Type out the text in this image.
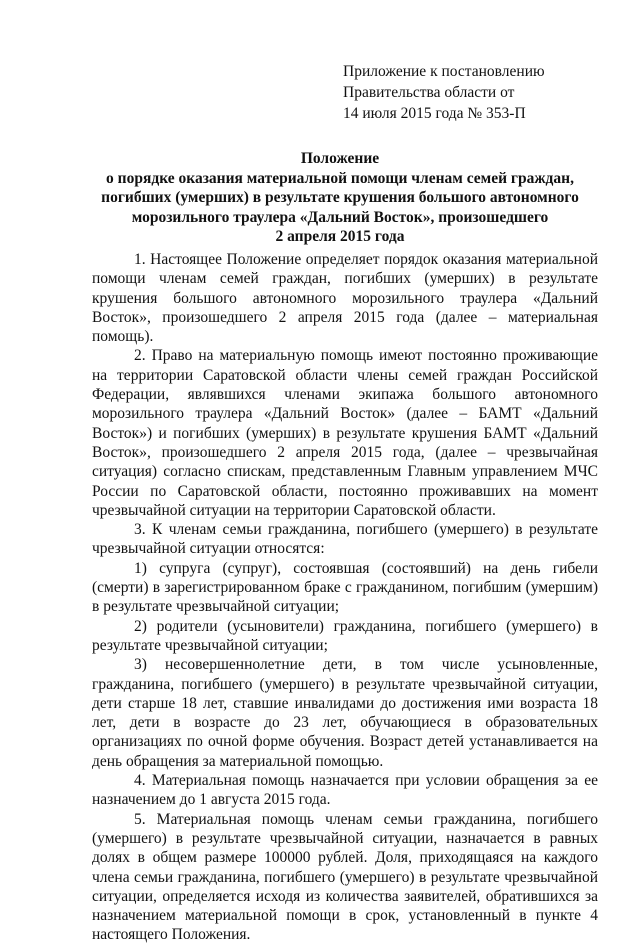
Приложение к постановлению
Правительства области от
14 июля 2015 года № 353-П
Положение
о порядке оказания материальной помощи членам семей граждан,
погибших (умерших) в результате крушения большого автономного
морозильного траулера «Дальний Восток», произошедшего
2 апреля 2015 года

1. Настоящее Положение определяет порядок оказания материальной помощи членам семей граждан, погибших (умерших) в результате крушения большого автономного морозильного траулера «Дальний Восток», произошедшего 2 апреля 2015 года (далее – материальная помощь).

2. Право на материальную помощь имеют постоянно проживающие на территории Саратовской области члены семей граждан Российской Федерации, являвшихся членами экипажа большого автономного морозильного траулера «Дальний Восток» (далее – БАМТ «Дальний Восток») и погибших (умерших) в результате крушения БАМТ «Дальний Восток», произошедшего 2 апреля 2015 года, (далее – чрезвычайная ситуация) согласно спискам, представленным Главным управлением МЧС России по Саратовской области, постоянно проживавших на момент чрезвычайной ситуации на территории Саратовской области.

3. К членам семьи гражданина, погибшего (умершего) в результате чрезвычайной ситуации относятся:

1) супруга (супруг), состоявшая (состоявший) на день гибели (смерти) в зарегистрированном браке с гражданином, погибшим (умершим) в результате чрезвычайной ситуации;

2) родители (усыновители) гражданина, погибшего (умершего) в результате чрезвычайной ситуации;

3) несовершеннолетние дети, в том числе усыновленные, гражданина, погибшего (умершего) в результате чрезвычайной ситуации, дети старше 18 лет, ставшие инвалидами до достижения ими возраста 18 лет, дети в возрасте до 23 лет, обучающиеся в образовательных организациях по очной форме обучения. Возраст детей устанавливается на день обращения за материальной помощью.

4. Материальная помощь назначается при условии обращения за ее назначением до 1 августа 2015 года.

5. Материальная помощь членам семьи гражданина, погибшего (умершего) в результате чрезвычайной ситуации, назначается в равных долях в общем размере 100000 рублей. Доля, приходящаяся на каждого члена семьи гражданина, погибшего (умершего) в результате чрезвычайной ситуации, определяется исходя из количества заявителей, обратившихся за назначением материальной помощи в срок, установленный в пункте 4 настоящего Положения.
